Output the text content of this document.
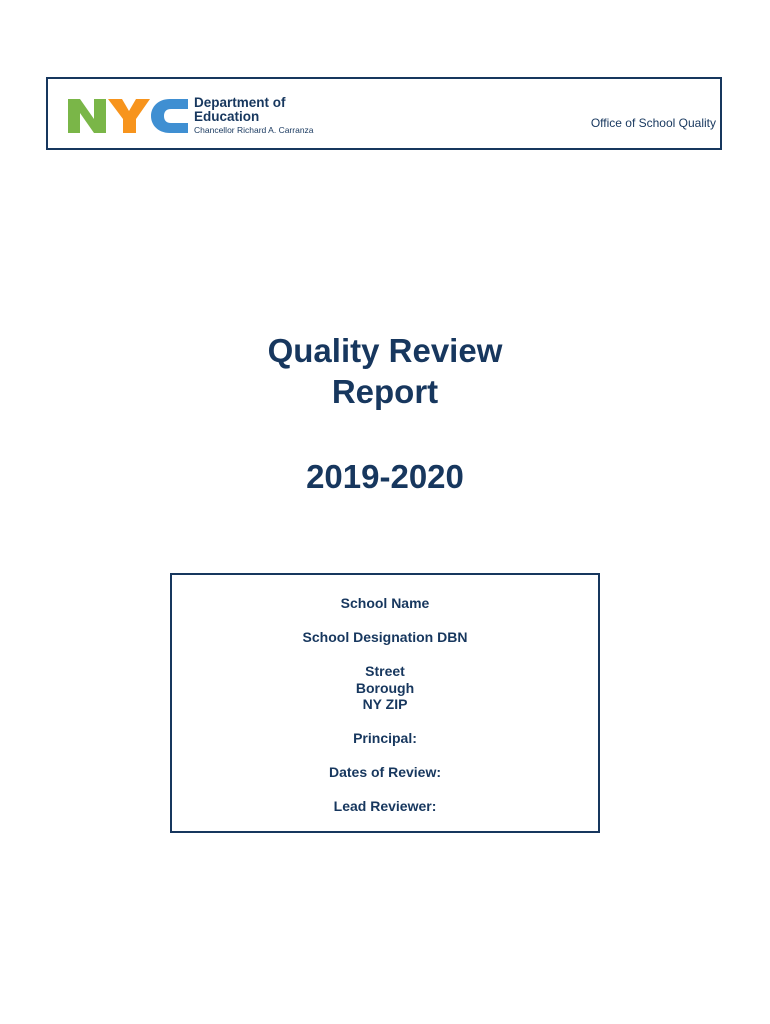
Department of
Education
Chancellor Richard A. Carranza	Office of School Quality
Quality Review
Report
2019-2020
School Name
School Designation DBN
Street
Borough
NY ZIP
Principal:
Dates of Review:
Lead Reviewer:
